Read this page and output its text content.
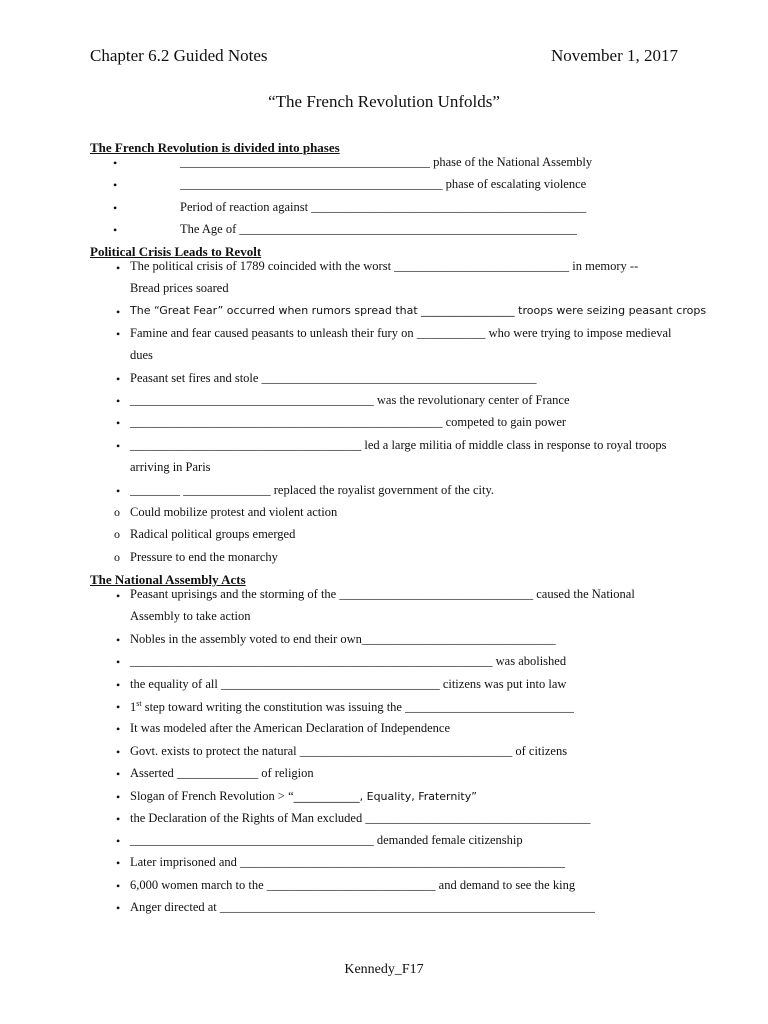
Chapter 6.2 Guided Notes	November 1, 2017
“The French Revolution Unfolds”
The French Revolution is divided into phases
•	________________________________________ phase of the National Assembly
•	__________________________________________ phase of escalating violence
•	Period of reaction against ____________________________________________
•	The Age of ______________________________________________________
Political Crisis Leads to Revolt
• The political crisis of 1789 coincided with the worst ____________________________ in memory --
Bread prices soared
• The “Great Fear” occurred when rumors spread that _________________ troops were seizing peasant crops
• Famine and fear caused peasants to unleash their fury on ___________ who were trying to impose medieval
dues
• Peasant set fires and stole ____________________________________________
• _______________________________________ was the revolutionary center of France
• __________________________________________________ competed to gain power
• _____________________________________ led a large militia of middle class in response to royal troops
arriving in Paris
• ________ ______________ replaced the royalist government of the city.
o Could mobilize protest and violent action
o Radical political groups emerged
o Pressure to end the monarchy
The National Assembly Acts
• Peasant uprisings and the storming of the _______________________________ caused the National
Assembly to take action
• Nobles in the assembly voted to end their own_______________________________
• __________________________________________________________ was abolished
• the equality of all ___________________________________ citizens was put into law
• 1st step toward writing the constitution was issuing the ___________________________
• It was modeled after the American Declaration of Independence
• Govt. exists to protect the natural __________________________________ of citizens
• Asserted _____________ of religion
• Slogan of French Revolution > “____________, Equality, Fraternity”
• the Declaration of the Rights of Man excluded ____________________________________
• _______________________________________ demanded female citizenship
• Later imprisoned and ____________________________________________________
• 6,000 women march to the ___________________________ and demand to see the king
• Anger directed at ____________________________________________________________
Kennedy_F17
